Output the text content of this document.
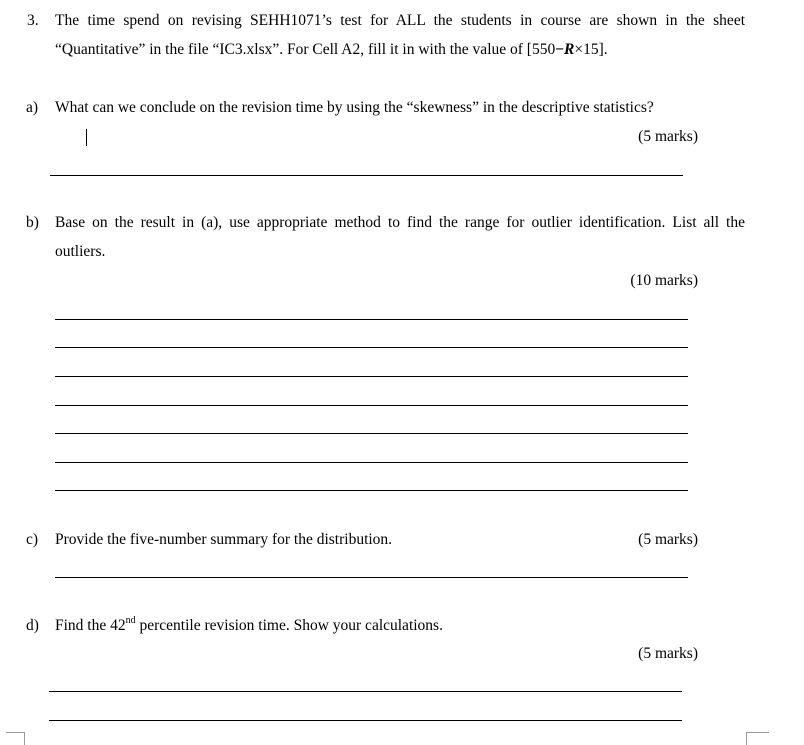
3. The time spend on revising SEHH1071’s test for ALL the students in course are shown in the sheet
“Quantitative” in the file “IC3.xlsx”. For Cell A2, fill it in with the value of [550−R×15].
a) What can we conclude on the revision time by using the “skewness” in the descriptive statistics?
(5 marks)
b) Base on the result in (a), use appropriate method to find the range for outlier identification. List all the
outliers.
(10 marks)
c) Provide the five-number summary for the distribution.	(5 marks)
d) Find the 42nd percentile revision time. Show your calculations.
(5 marks)
